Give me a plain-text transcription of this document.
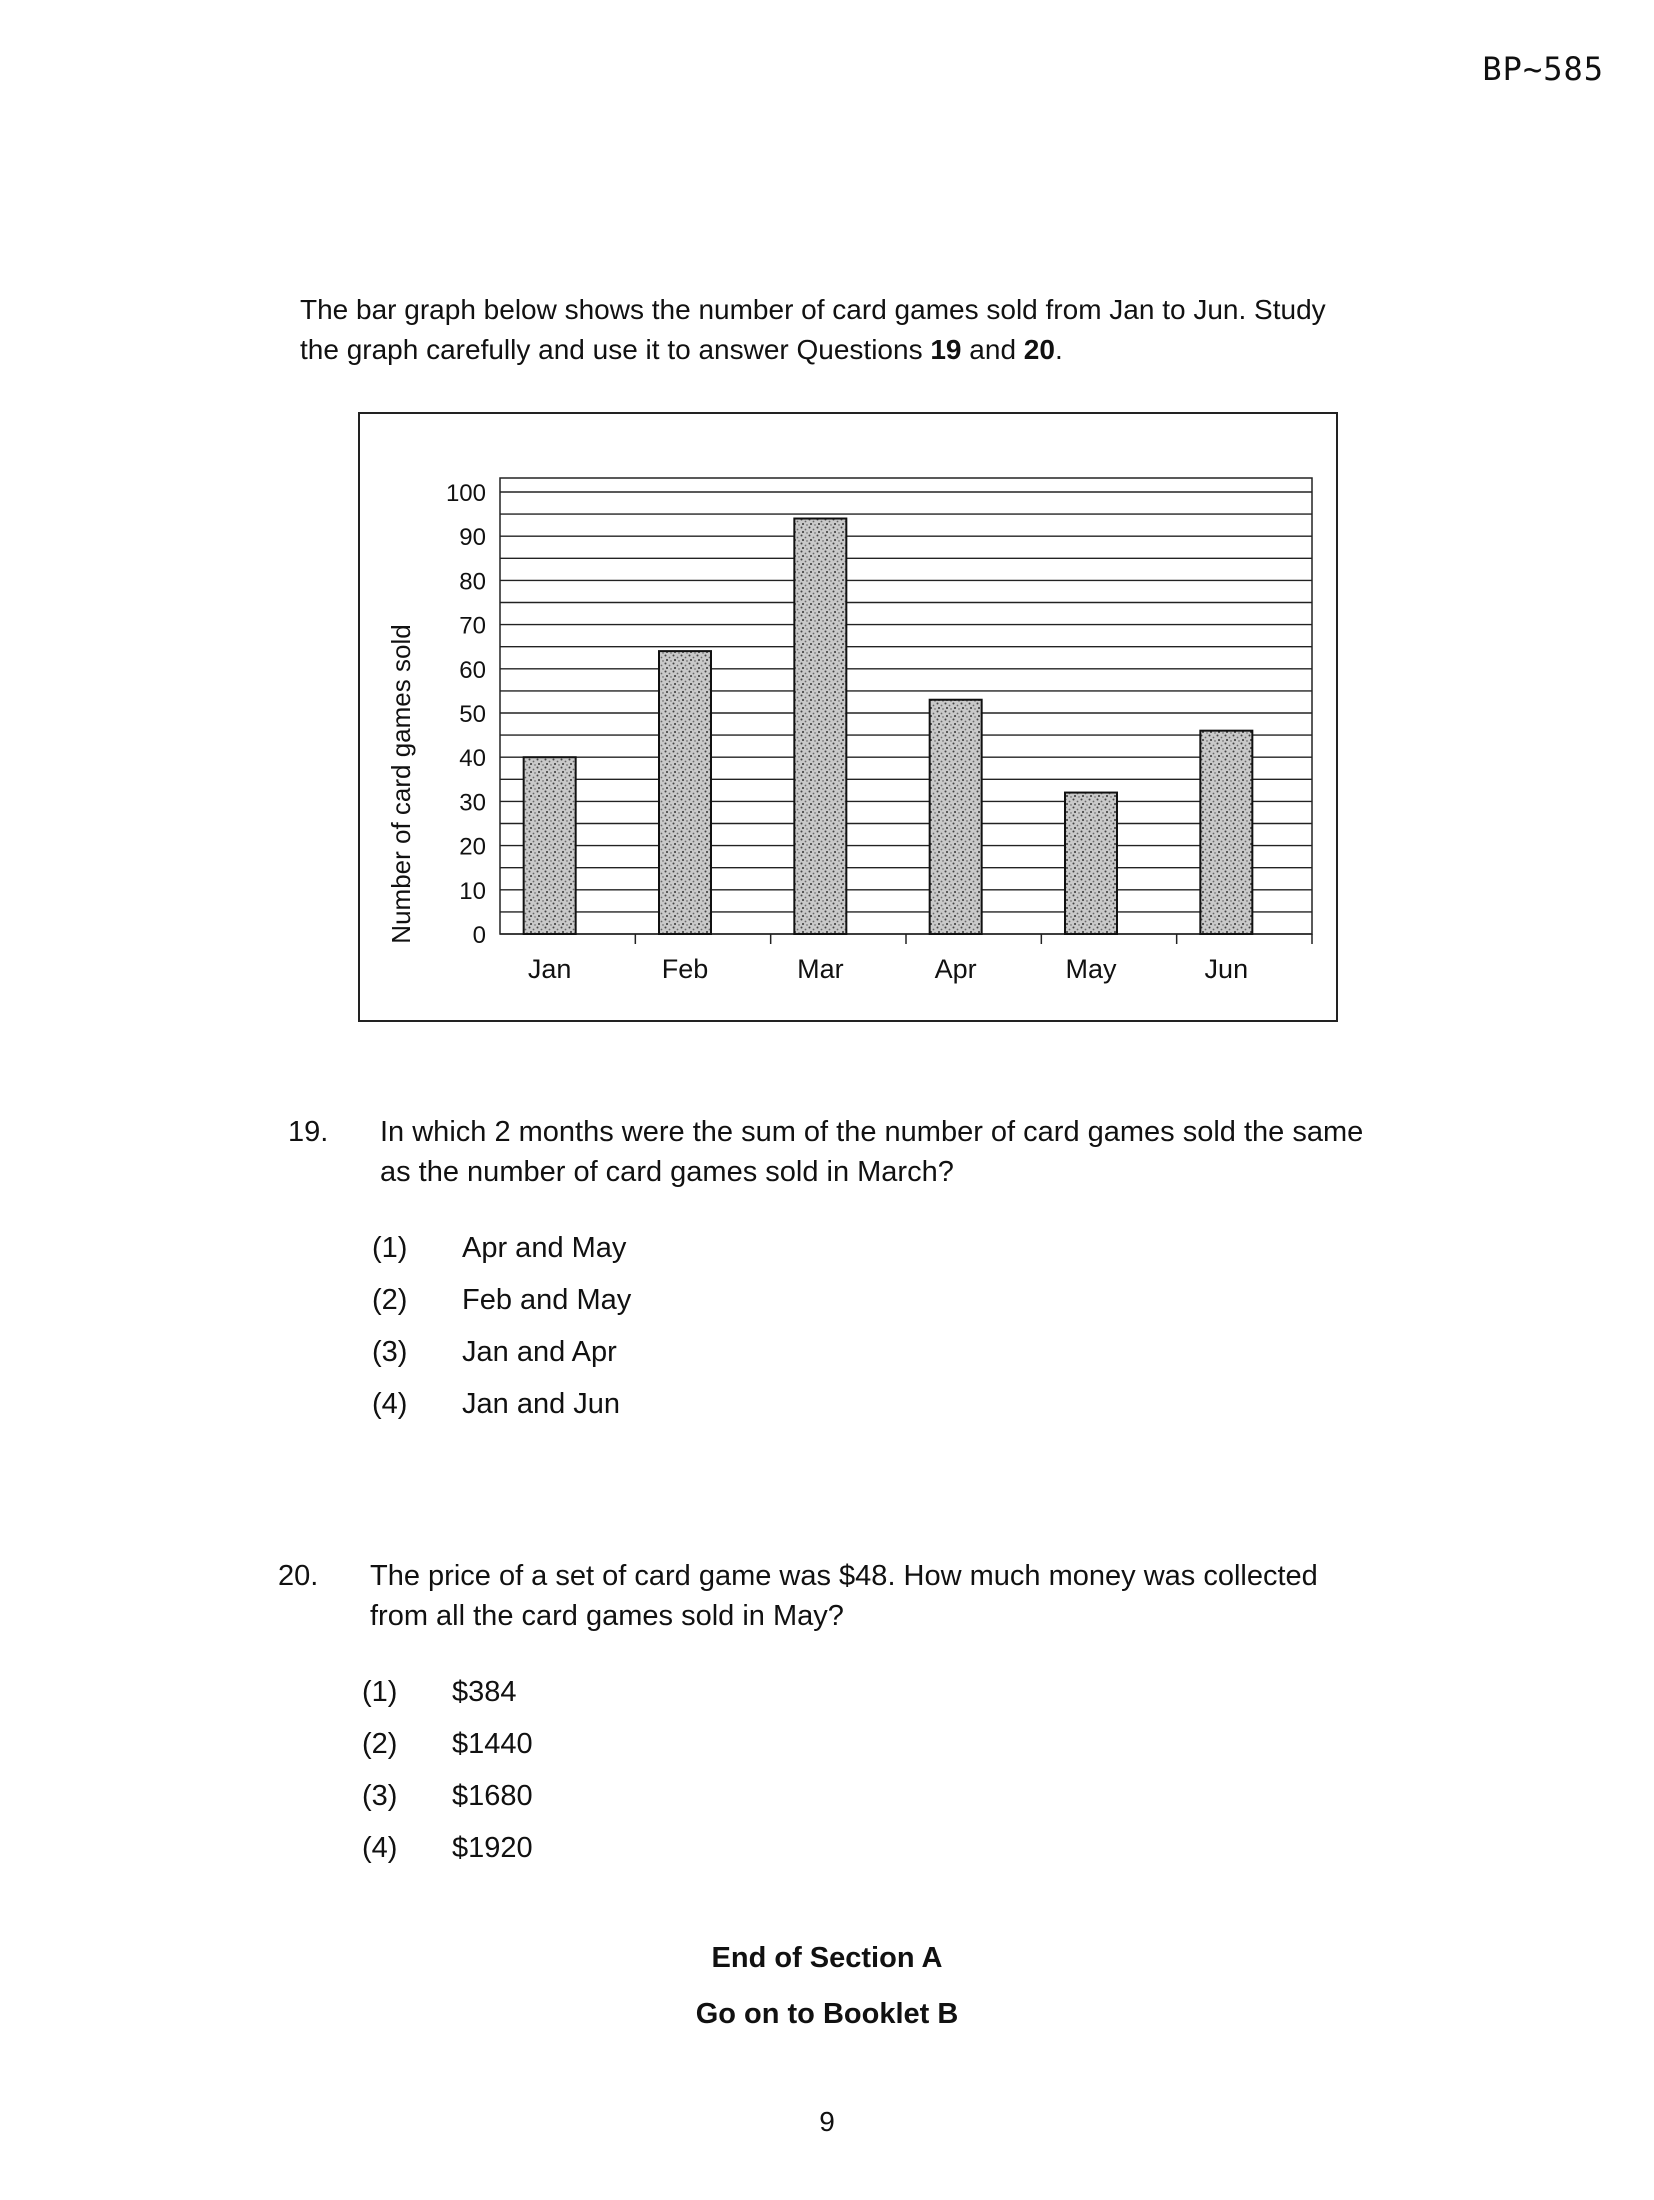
BP~585
The bar graph below shows the number of card games sold from Jan to Jun. Study
the graph carefully and use it to answer Questions 19 and 20.
Number of card games sold 0
10
20
30
40
50
60
70
80
90
100
Jan	Feb	Mar	Apr	May	Jun
19. In which 2 months were the sum of the number of card games sold the same
as the number of card games sold in March?
(1) Apr and May
(2) Feb and May
(3) Jan and Apr
(4) Jan and Jun
20. The price of a set of card game was $48. How much money was collected
from all the card games sold in May?
(1) $384
(2) $1440
(3) $1680
(4) $1920
End of Section A
Go on to Booklet B
9
